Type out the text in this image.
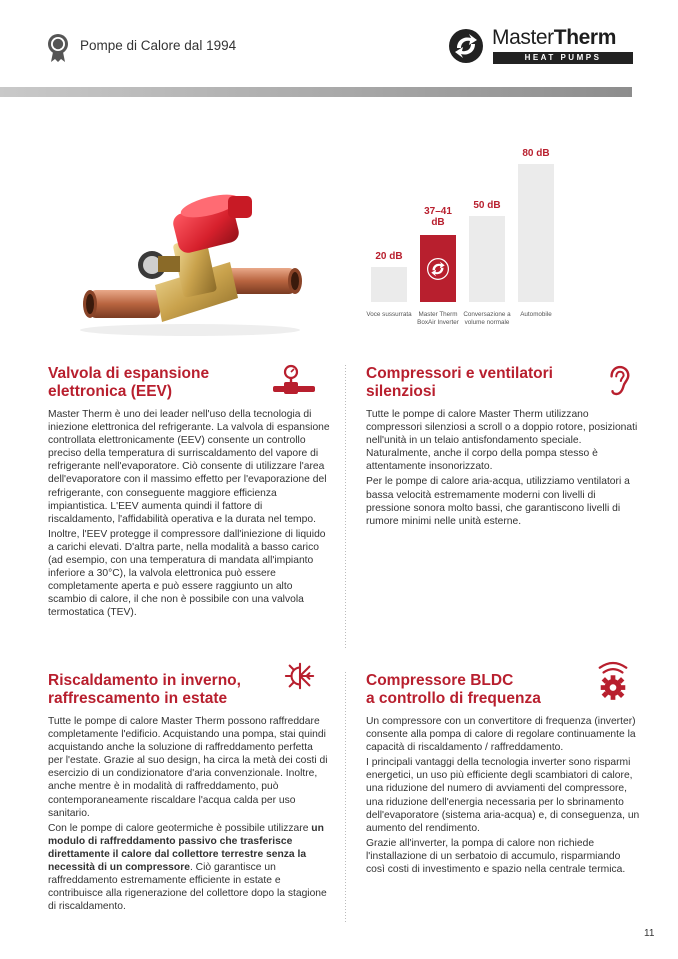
Pompe di Calore dal 1994	MasterTherm
HEAT PUMPS
20 dB
Voce sussurrata
37–41 dB
Master Therm BoxAir Inverter
50 dB
Conversazione a volume normale
80 dB
Automobile
Valvola di espansione
elettronica (EEV)

Master Therm è uno dei leader nell'uso della tecnologia di iniezione elettronica del refrigerante. La valvola di espansione controllata elettronicamente (EEV) consente un controllo preciso della temperatura di surriscaldamento del vapore di refrigerante nell'evaporatore. Ciò consente di utilizzare l'area dell'evaporatore con il massimo effetto per l'evaporazione del refrigerante, con conseguente maggiore efficienza impiantistica. L'EEV aumenta quindi il fattore di riscaldamento, l'affidabilità operativa e la durata nel tempo.

Inoltre, l'EEV protegge il compressore dall'iniezione di liquido a carichi elevati. D'altra parte, nella modalità a basso carico (ad esempio, con una temperatura di mandata all'impianto inferiore a 30°C), la valvola elettronica può essere completamente aperta e può essere raggiunto un alto scambio di calore, il che non è possibile con una valvola termostatica (TEV).

Compressori e ventilatori
silenziosi

Tutte le pompe di calore Master Therm utilizzano compressori silenziosi a scroll o a doppio rotore, posizionati nell'unità in un telaio antisfondamento speciale. Naturalmente, anche il corpo della pompa stesso è attentamente insonorizzato.

Per le pompe di calore aria-acqua, utilizziamo ventilatori a bassa velocità estremamente moderni con livelli di pressione sonora molto bassi, che garantiscono livelli di rumore minimi nelle unità esterne.

Riscaldamento in inverno,
raffrescamento in estate

Tutte le pompe di calore Master Therm possono raffreddare completamente l'edificio. Acquistando una pompa, stai quindi acquistando anche la soluzione di raffreddamento perfetta per l'estate. Grazie al suo design, ha circa la metà dei costi di esercizio di un condizionatore d'aria convenzionale. Inoltre, anche mentre è in modalità di raffreddamento, può contemporaneamente riscaldare l'acqua calda per uso sanitario.

Con le pompe di calore geotermiche è possibile utilizzare un modulo di raffreddamento passivo che trasferisce direttamente il calore dal collettore terrestre senza la necessità di un compressore. Ciò garantisce un raffreddamento estremamente efficiente in estate e contribuisce alla rigenerazione del collettore dopo la stagione di riscaldamento.

Compressore BLDC
a controllo di frequenza

Un compressore con un convertitore di frequenza (inverter) consente alla pompa di calore di regolare continuamente la capacità di riscaldamento / raffreddamento.

I principali vantaggi della tecnologia inverter sono risparmi energetici, un uso più efficiente degli scambiatori di calore, una riduzione del numero di avviamenti del compressore, una riduzione dell'energia necessaria per lo sbrinamento dell'evaporatore (sistema aria-acqua) e, di conseguenza, un aumento del rendimento.

Grazie all'inverter, la pompa di calore non richiede l'installazione di un serbatoio di accumulo, risparmiando così costi di investimento e spazio nella centrale termica.

11
